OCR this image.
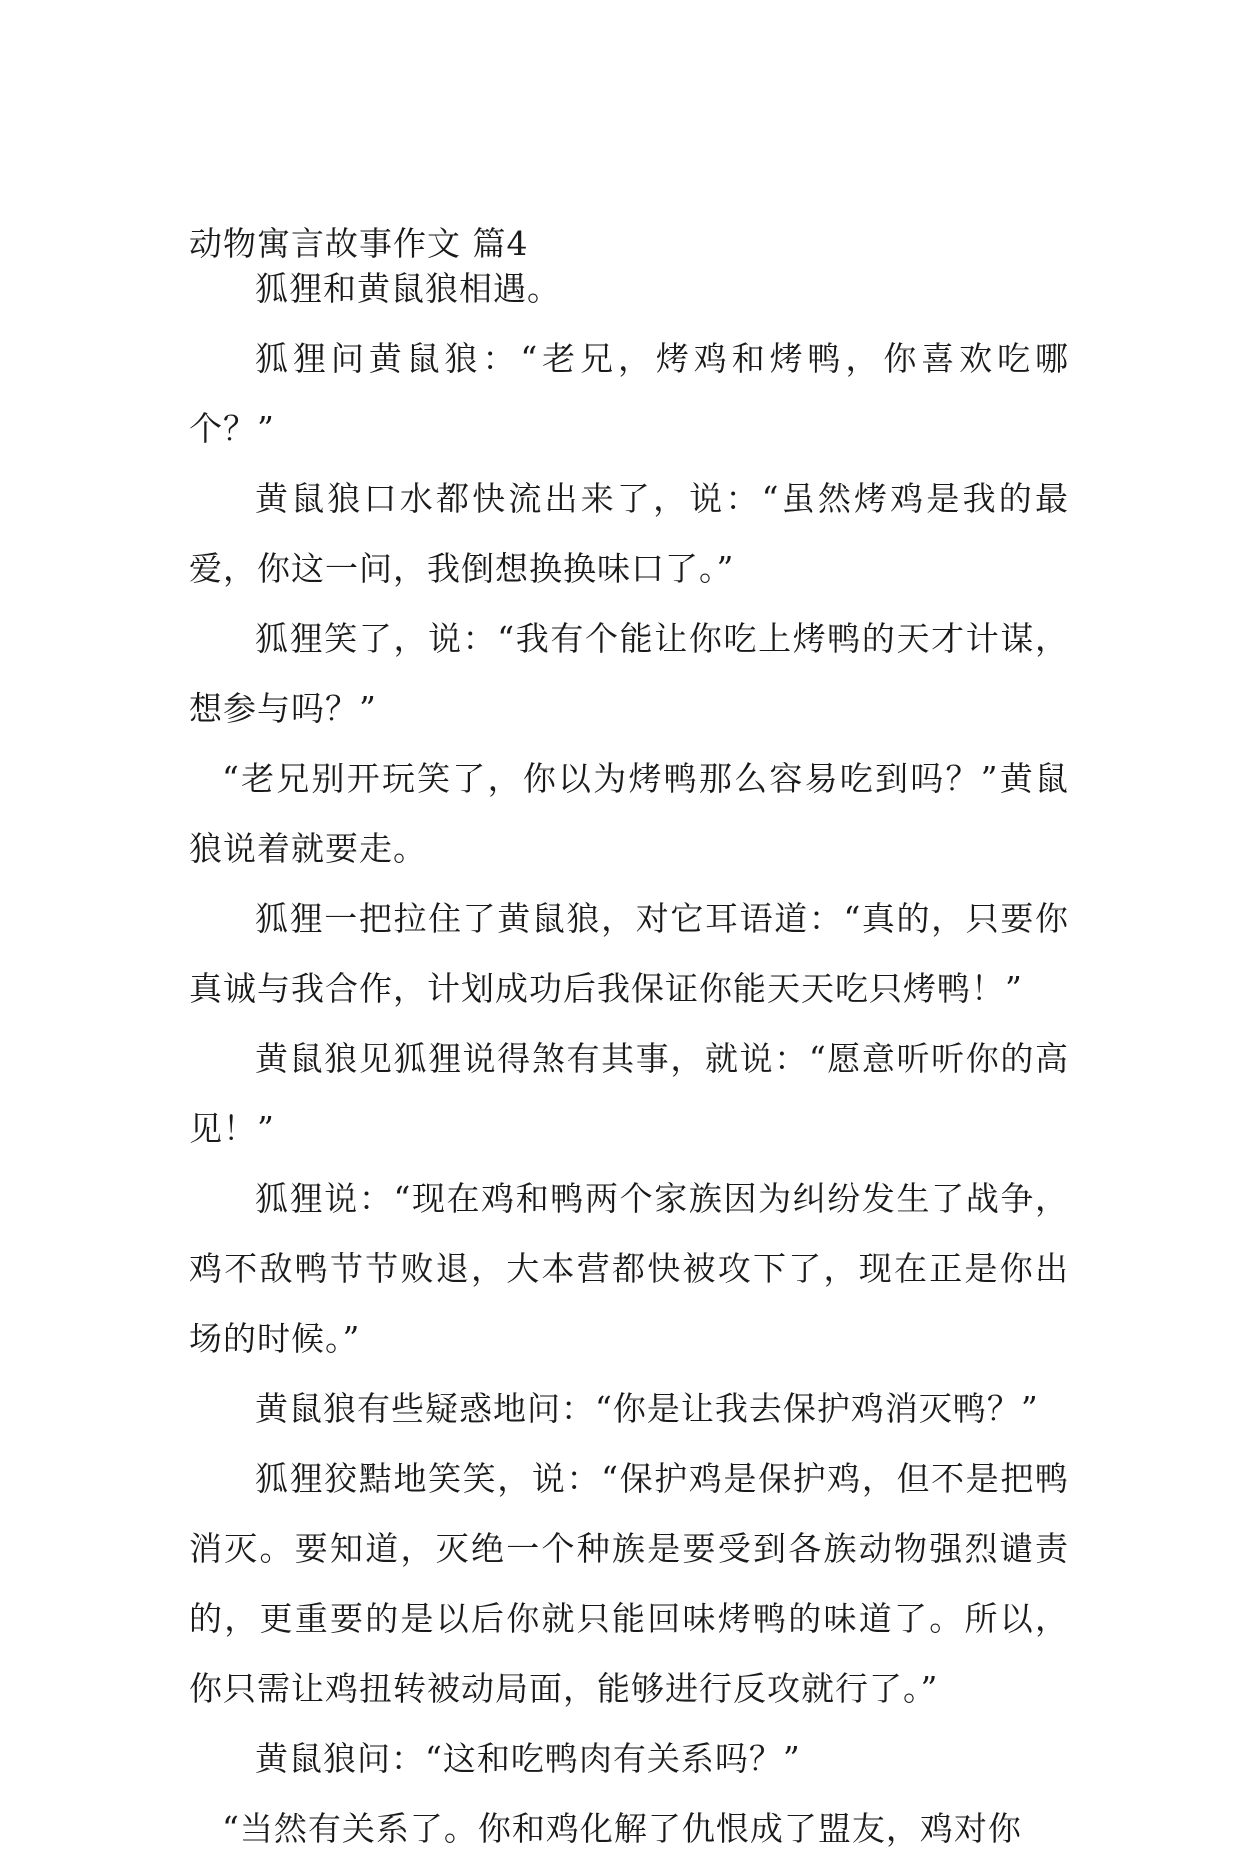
动物寓言故事作文 篇4

狐狸和黄鼠狼相遇。

狐狸问黄鼠狼：“老兄，烤鸡和烤鸭，你喜欢吃哪个？”

黄鼠狼口水都快流出来了，说：“虽然烤鸡是我的最爱，你这一问，我倒想换换味口了。”

狐狸笑了，说：“我有个能让你吃上烤鸭的天才计谋，想参与吗？”

“老兄别开玩笑了，你以为烤鸭那么容易吃到吗？”黄鼠狼说着就要走。

狐狸一把拉住了黄鼠狼，对它耳语道：“真的，只要你真诚与我合作，计划成功后我保证你能天天吃只烤鸭！”

黄鼠狼见狐狸说得煞有其事，就说：“愿意听听你的高见！”

狐狸说：“现在鸡和鸭两个家族因为纠纷发生了战争，鸡不敌鸭节节败退，大本营都快被攻下了，现在正是你出场的时候。”

黄鼠狼有些疑惑地问：“你是让我去保护鸡消灭鸭？”

狐狸狡黠地笑笑，说：“保护鸡是保护鸡，但不是把鸭消灭。要知道，灭绝一个种族是要受到各族动物强烈谴责的，更重要的是以后你就只能回味烤鸭的味道了。所以，你只需让鸡扭转被动局面，能够进行反攻就行了。”

黄鼠狼问：“这和吃鸭肉有关系吗？”

“当然有关系了。你和鸡化解了仇恨成了盟友，鸡对你
